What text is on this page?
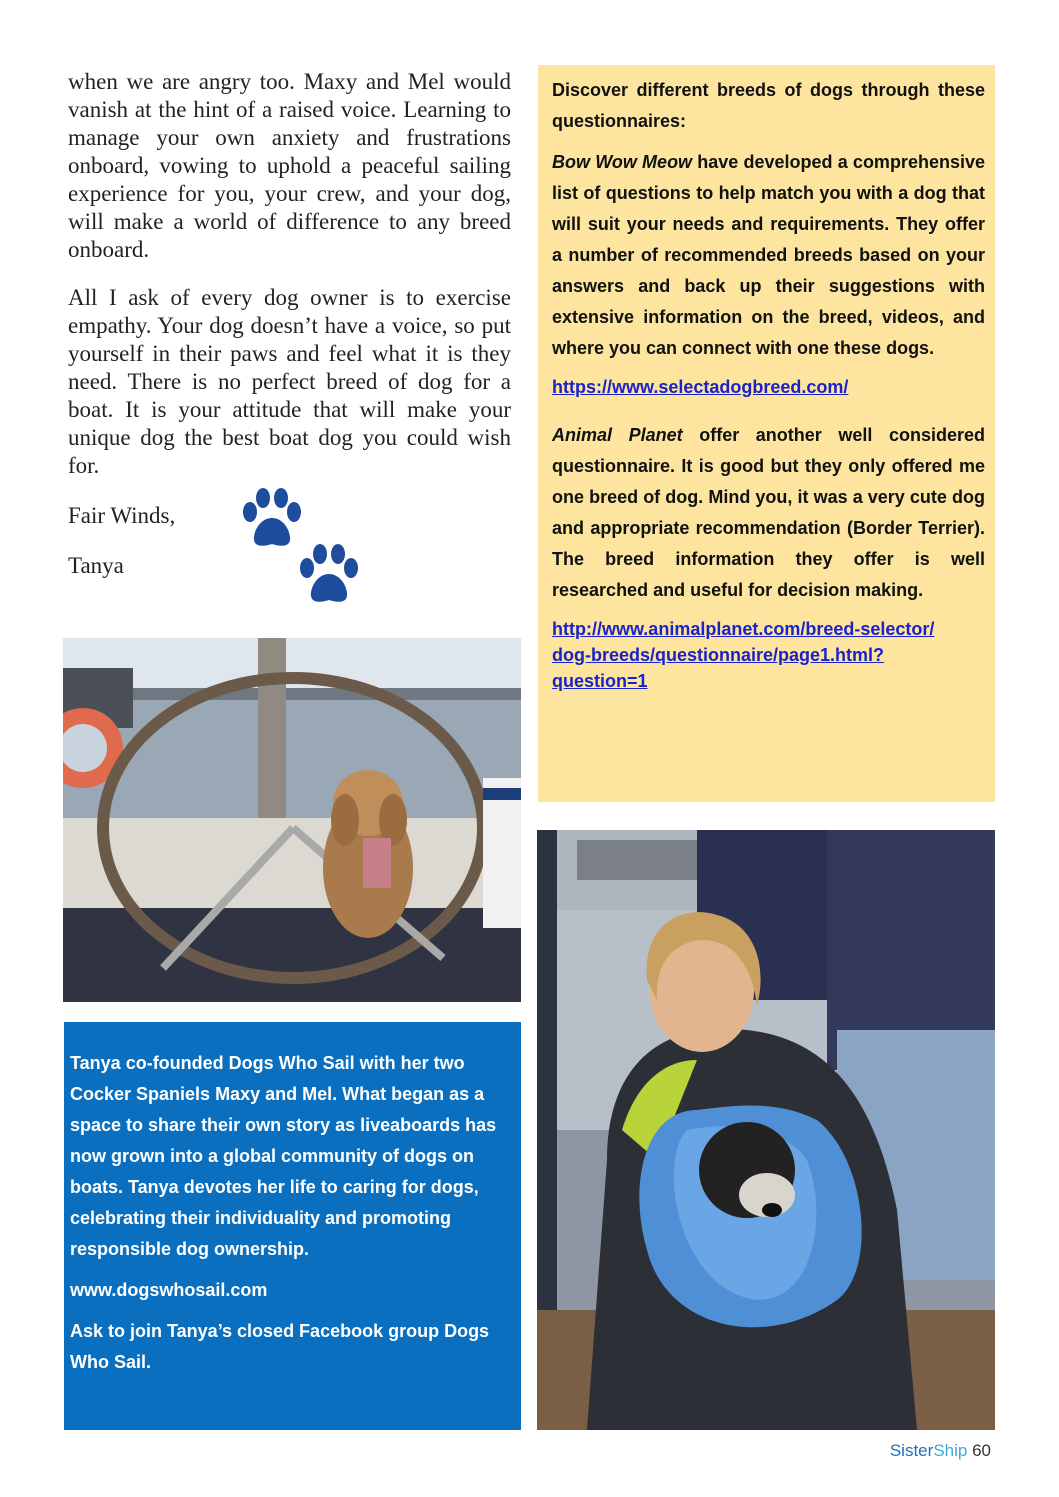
when we are angry too. Maxy and Mel would vanish at the hint of a raised voice. Learning to manage your own anxiety and frustrations onboard, vowing to uphold a peaceful sailing experience for you, your crew, and your dog, will make a world of difference to any breed onboard.

All I ask of every dog owner is to exercise empathy. Your dog doesn’t have a voice, so put yourself in their paws and feel what it is they need. There is no perfect breed of dog for a boat. It is your attitude that will make your unique dog the best boat dog you could wish for.

Fair Winds,
Tanya

Discover different breeds of dogs through these questionnaires:

Bow Wow Meow have developed a comprehensive list of questions to help match you with a dog that will suit your needs and requirements. They offer a number of recommended breeds based on your answers and back up their suggestions with extensive information on the breed, videos, and where you can connect with one these dogs.

https://www.selectadogbreed.com/

Animal Planet offer another well considered questionnaire. It is good but they only offered me one breed of dog. Mind you, it was a very cute dog and appropriate recommendation (Border Terrier). The breed information they offer is well researched and useful for decision making.

http://www.animalplanet.com/breed-selector/
dog-breeds/questionnaire/page1.html?
question=1

Tanya co-founded Dogs Who Sail with her two Cocker Spaniels Maxy and Mel. What began as a space to share their own story as liveaboards has now grown into a global community of dogs on boats. Tanya devotes her life to caring for dogs, celebrating their individuality and promoting responsible dog ownership.

www.dogswhosail.com

Ask to join Tanya’s closed Facebook group Dogs Who Sail.

SisterShip 60
